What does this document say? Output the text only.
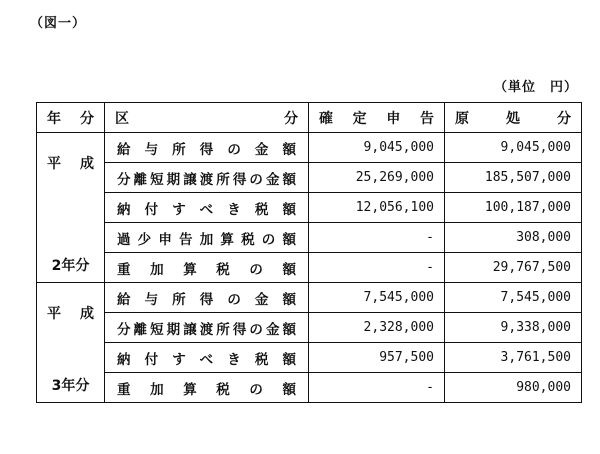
（図一）
（単位　円）
年分	区分	確定申告	原処分

平成
2年分	給与所得の金額	9,045,000	9,045,000
	分離短期譲渡所得の金額	25,269,000	185,507,000
	納付すべき税額	12,056,100	100,187,000
	過少申告加算税の額	-	308,000
	重加算税の額	-	29,767,500

平成
3年分	給与所得の金額	7,545,000	7,545,000
	分離短期譲渡所得の金額	2,328,000	9,338,000
	納付すべき税額	957,500	3,761,500
	重加算税の額	-	980,000
